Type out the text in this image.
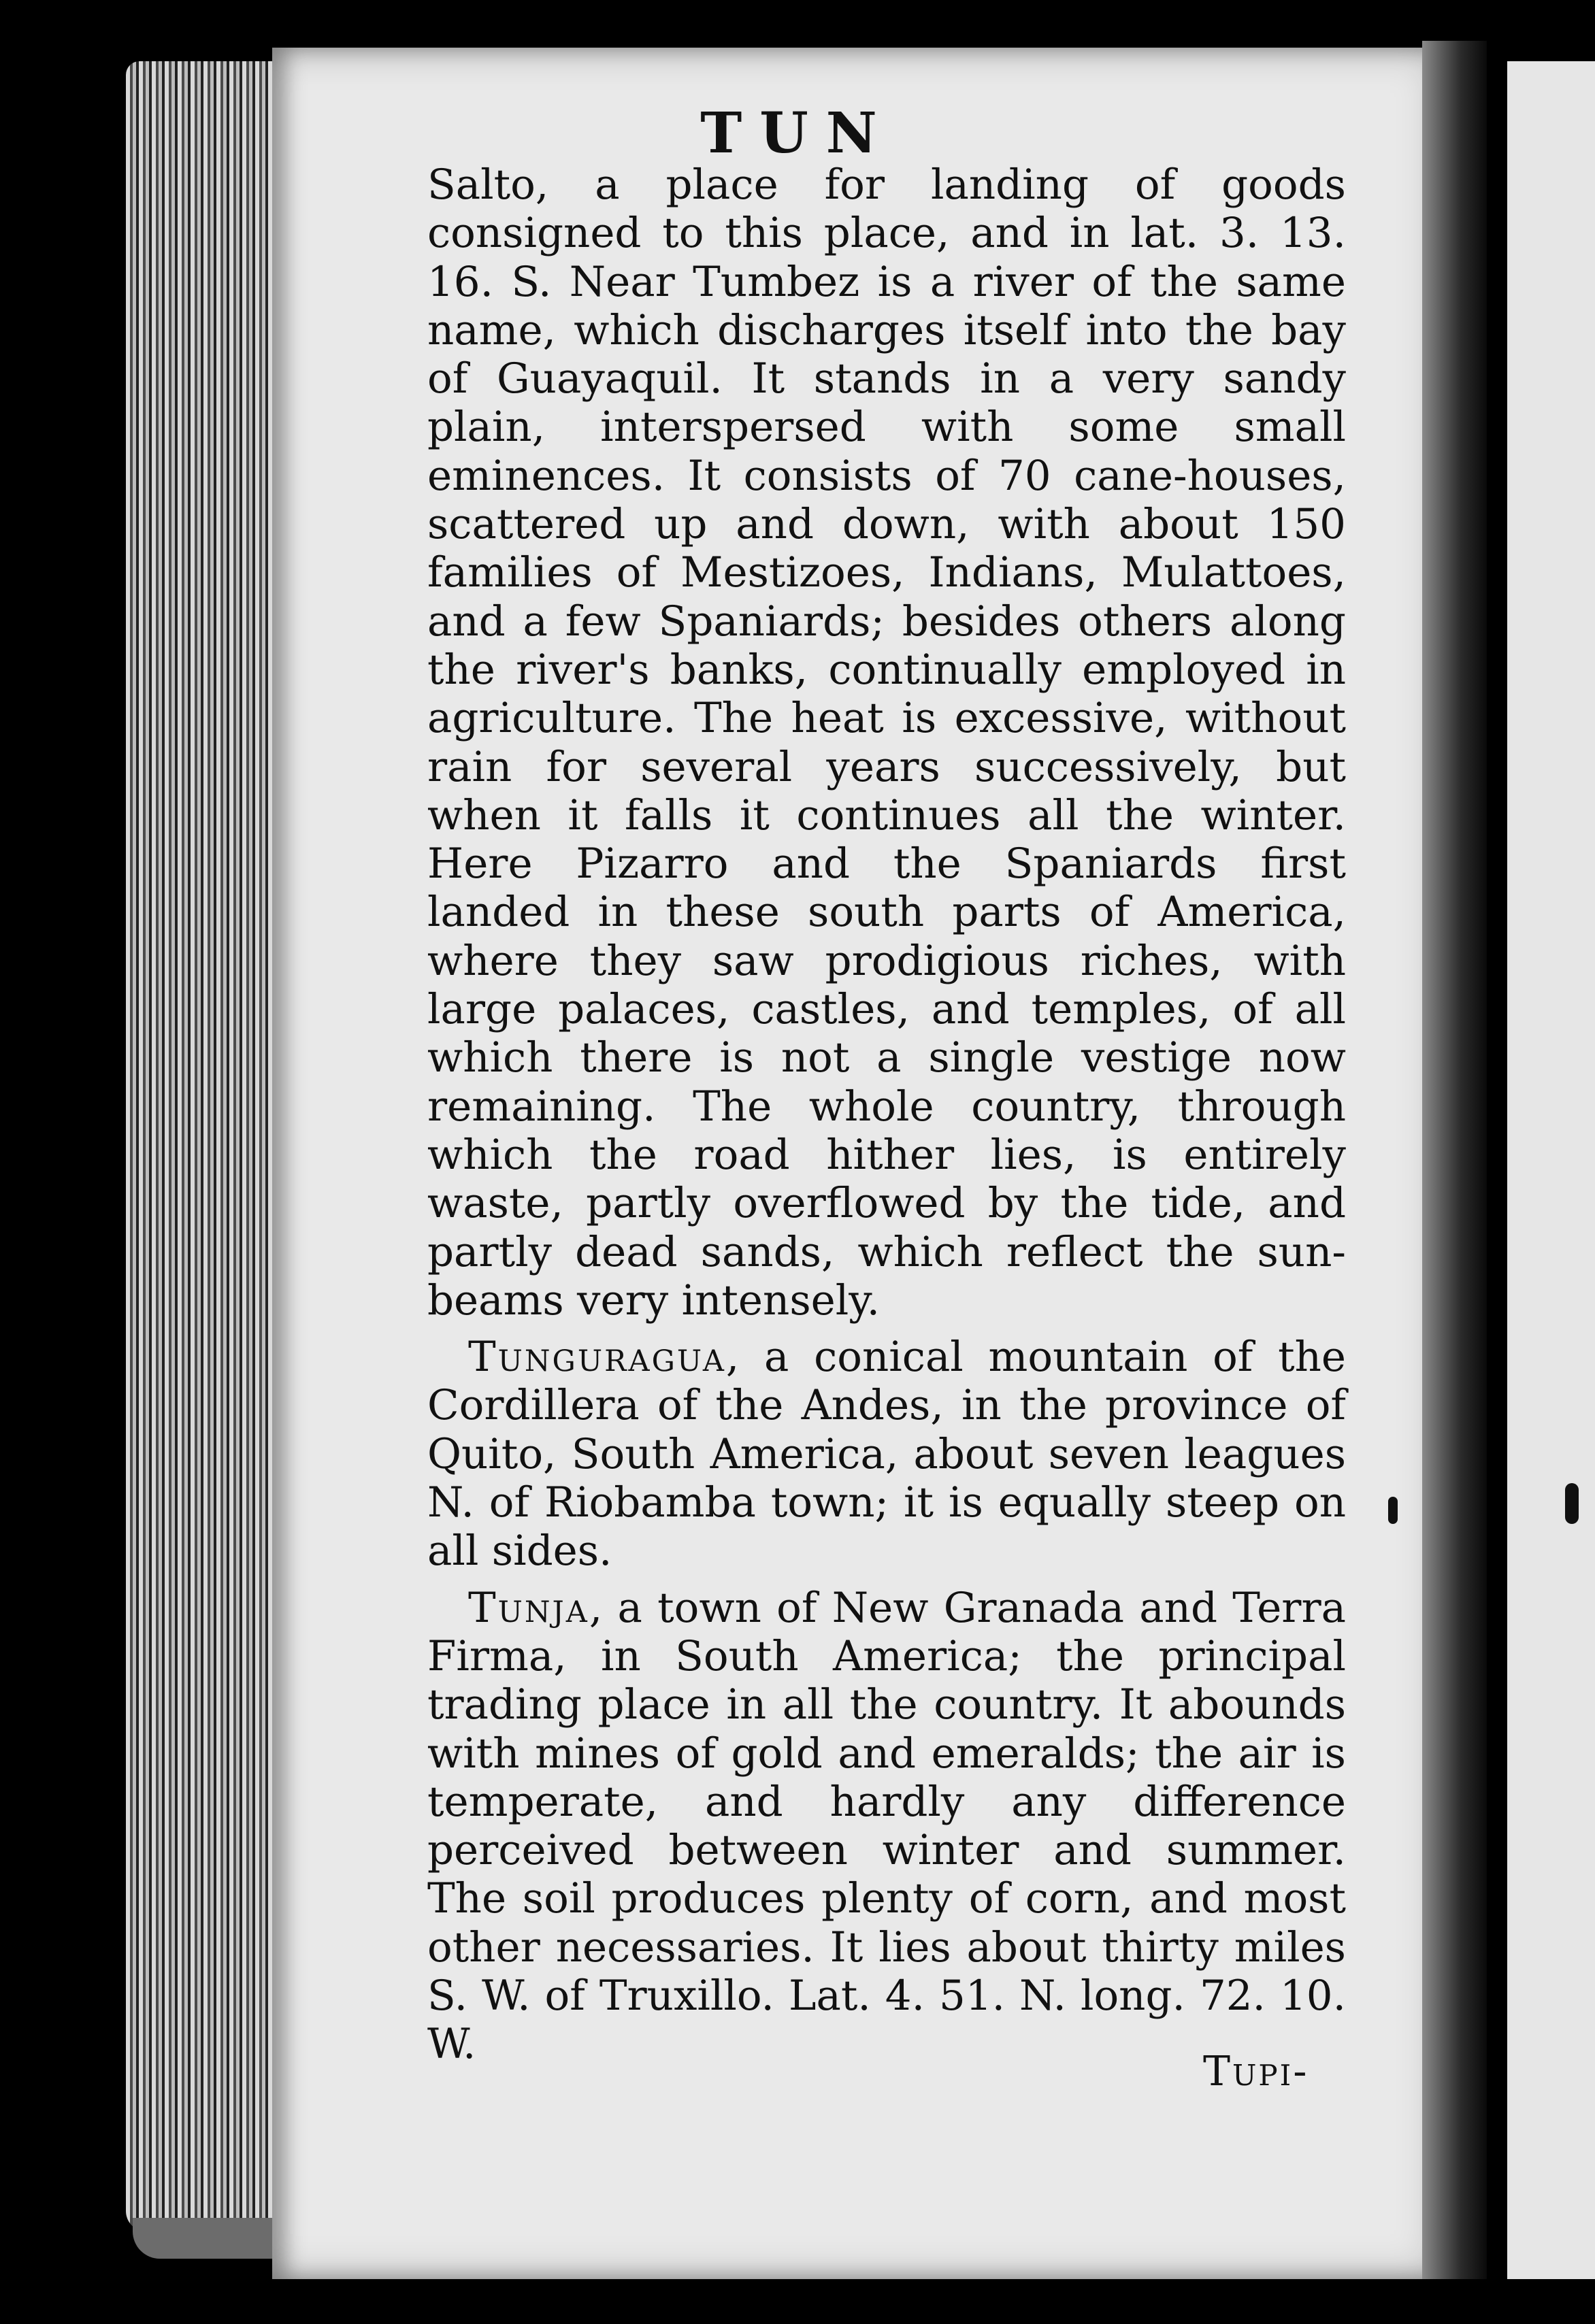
TUN

Salto, a place for landing of goods consigned to this place, and in lat. 3. 13. 16. S. Near Tumbez is a river of the same name, which discharges itself into the bay of Guayaquil. It stands in a very sandy plain, interspersed with some small eminences. It consists of 70 cane-houses, scattered up and down, with about 150 families of Mestizoes, Indians, Mulattoes, and a few Spaniards; besides others along the river's banks, continually employed in agriculture. The heat is excessive, without rain for several years successively, but when it falls it continues all the winter. Here Pizarro and the Spaniards first landed in these south parts of America, where they saw prodigious riches, with large palaces, castles, and temples, of all which there is not a single vestige now remaining. The whole country, through which the road hither lies, is entirely waste, partly overflowed by the tide, and partly dead sands, which reflect the sun-beams very intensely.

Tunguragua, a conical mountain of the Cordillera of the Andes, in the province of Quito, South America, about seven leagues N. of Riobamba town; it is equally steep on all sides.

Tunja, a town of New Granada and Terra Firma, in South America; the principal trading place in all the country. It abounds with mines of gold and emeralds; the air is temperate, and hardly any difference perceived between winter and summer. The soil produces plenty of corn, and most other necessaries. It lies about thirty miles S. W. of Truxillo. Lat. 4. 51. N. long. 72. 10. W.

Tupi-
